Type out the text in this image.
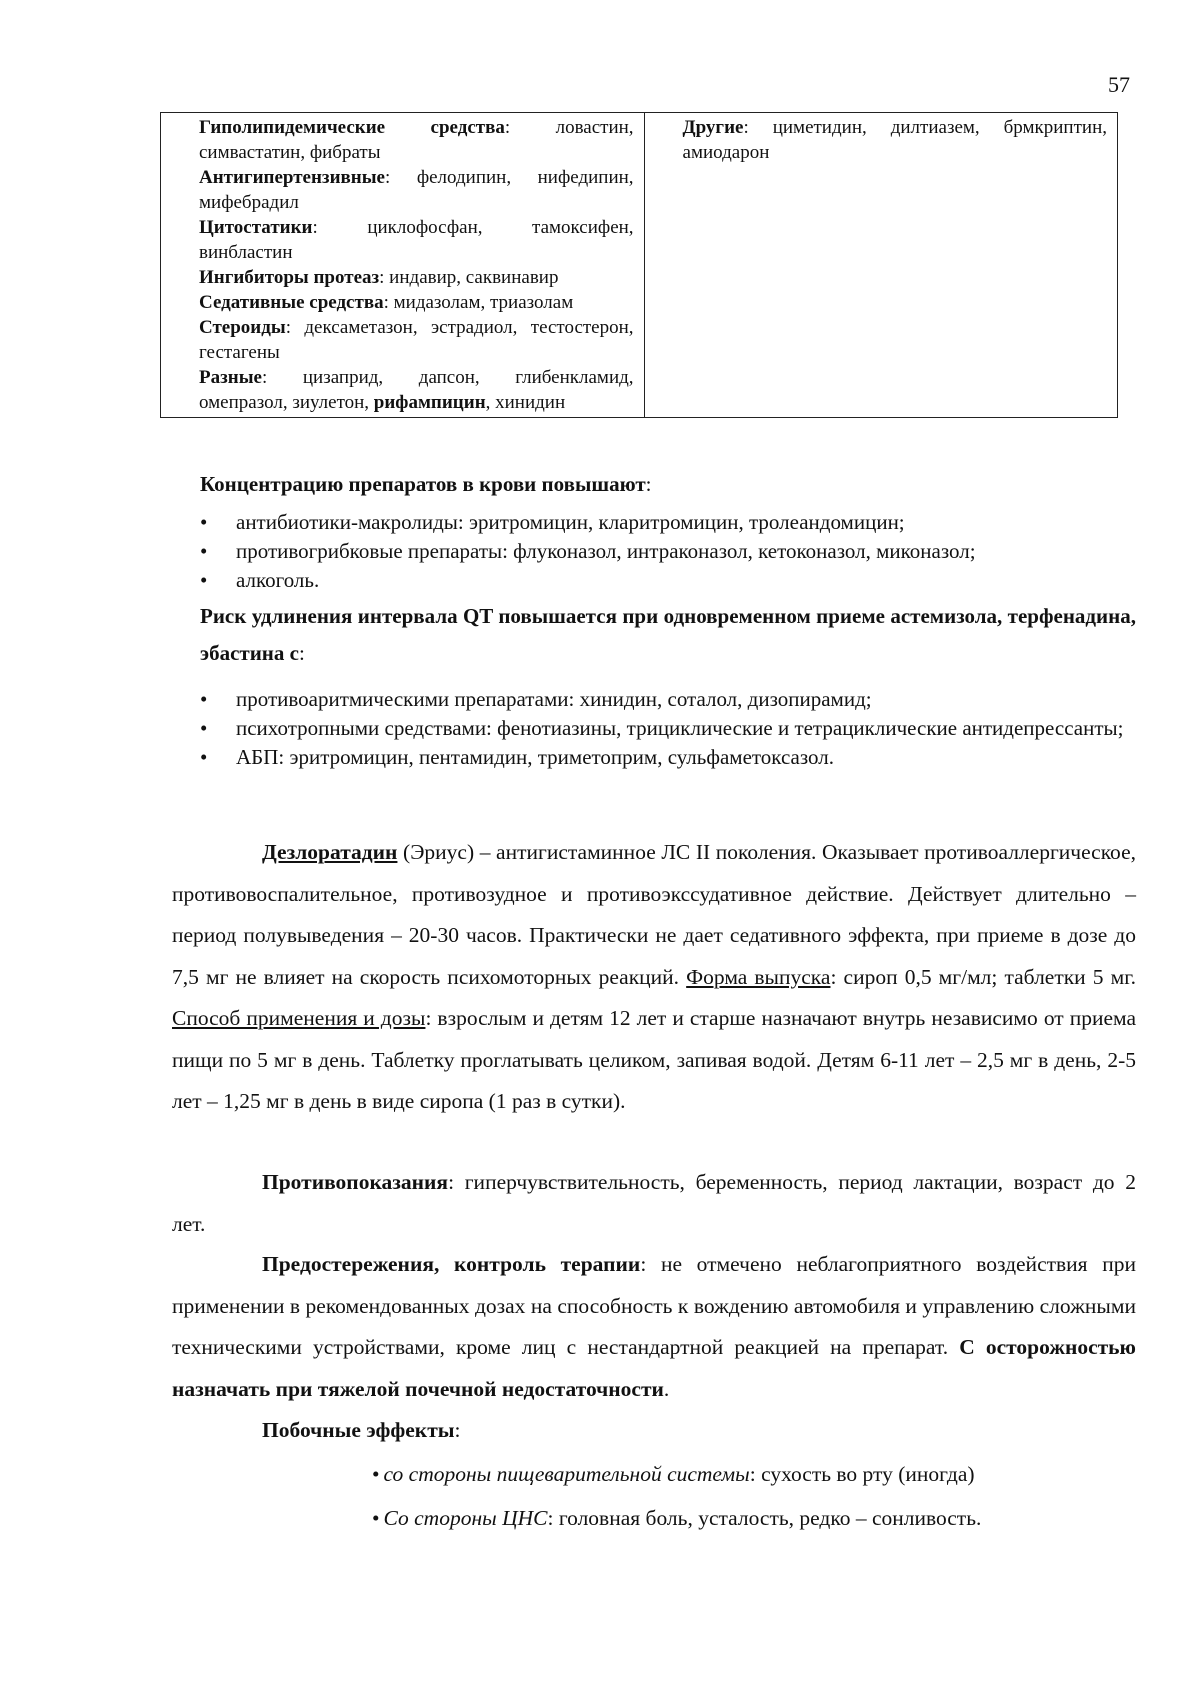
57
Гиполипидемические средства: ловастин, симвастатин, фибраты
Антигипертензивные: фелодипин, нифедипин, мифебрадил
Цитостатики: циклофосфан, тамоксифен, винбластин
Ингибиторы протеаз: индавир, саквинавир
Седативные средства: мидазолам, триазолам
Стероиды: дексаметазон, эстрадиол, тестостерон, гестагены
Разные: цизаприд, дапсон, глибенкламид, омепразол, зиулетон, рифампицин, хинидин

Другие: циметидин, дилтиазем, брмкриптин, амиодарон
Концентрацию препаратов в крови повышают:
• антибиотики-макролиды: эритромицин, кларитромицин, тролеандомицин;
• противогрибковые препараты: флуконазол, интраконазол, кетоконазол, миконазол;
• алкоголь.
Риск удлинения интервала QT повышается при одновременном приеме астемизола, терфенадина, эбастина с:
• противоаритмическими препаратами: хинидин, соталол, дизопирамид;
• психотропными средствами: фенотиазины, трициклические и тетрациклические антидепрессанты;
• АБП: эритромицин, пентамидин, триметоприм, сульфаметоксазол.

Дезлоратадин (Эриус) – антигистаминное ЛС II поколения. Оказывает противоаллергическое, противовоспалительное, противозудное и противоэкссудативное действие. Действует длительно – период полувыведения – 20-30 часов. Практически не дает седативного эффекта, при приеме в дозе до 7,5 мг не влияет на скорость психомоторных реакций. Форма выпуска: сироп 0,5 мг/мл; таблетки 5 мг. Способ применения и дозы: взрослым и детям 12 лет и старше назначают внутрь независимо от приема пищи по 5 мг в день. Таблетку проглатывать целиком, запивая водой. Детям 6-11 лет – 2,5 мг в день, 2-5 лет – 1,25 мг в день в виде сиропа (1 раз в сутки).

Противопоказания: гиперчувствительность, беременность, период лактации, возраст до 2 лет.

Предостережения, контроль терапии: не отмечено неблагоприятного воздействия при применении в рекомендованных дозах на способность к вождению автомобиля и управлению сложными техническими устройствами, кроме лиц с нестандартной реакцией на препарат. С осторожностью назначать при тяжелой почечной недостаточности.

Побочные эффекты:

• со стороны пищеварительной системы: сухость во рту (иногда)
• Со стороны ЦНС: головная боль, усталость, редко – сонливость.
